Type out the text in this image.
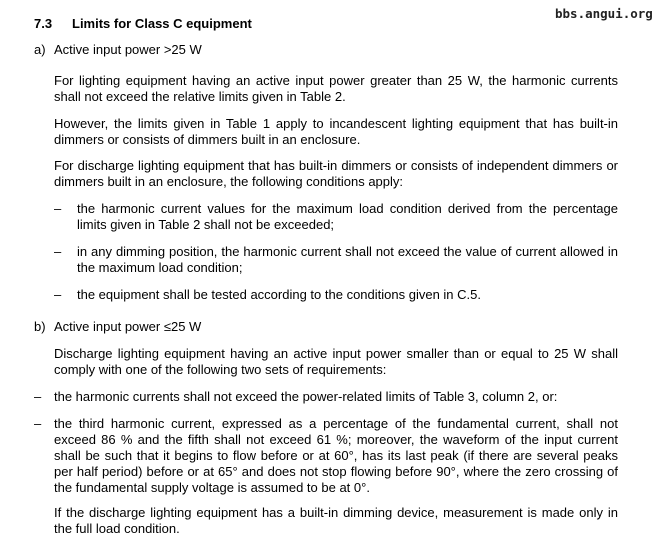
bbs.angui.org
7.3 Limits for Class C equipment
a) Active input power >25 W
For lighting equipment having an active input power greater than 25 W, the harmonic currents shall not exceed the relative limits given in Table 2.
However, the limits given in Table 1 apply to incandescent lighting equipment that has built-in dimmers or consists of dimmers built in an enclosure.
For discharge lighting equipment that has built-in dimmers or consists of independent dimmers or dimmers built in an enclosure, the following conditions apply:
– the harmonic current values for the maximum load condition derived from the percentage limits given in Table 2 shall not be exceeded;
– in any dimming position, the harmonic current shall not exceed the value of current allowed in the maximum load condition;
– the equipment shall be tested according to the conditions given in C.5.
b) Active input power ≤25 W
Discharge lighting equipment having an active input power smaller than or equal to 25 W shall comply with one of the following two sets of requirements:
– the harmonic currents shall not exceed the power-related limits of Table 3, column 2, or:
– the third harmonic current, expressed as a percentage of the fundamental current, shall not exceed 86 % and the fifth shall not exceed 61 %; moreover, the waveform of the input current shall be such that it begins to flow before or at 60°, has its last peak (if there are several peaks per half period) before or at 65° and does not stop flowing before 90°, where the zero crossing of the fundamental supply voltage is assumed to be at 0°.
If the discharge lighting equipment has a built-in dimming device, measurement is made only in the full load condition.
